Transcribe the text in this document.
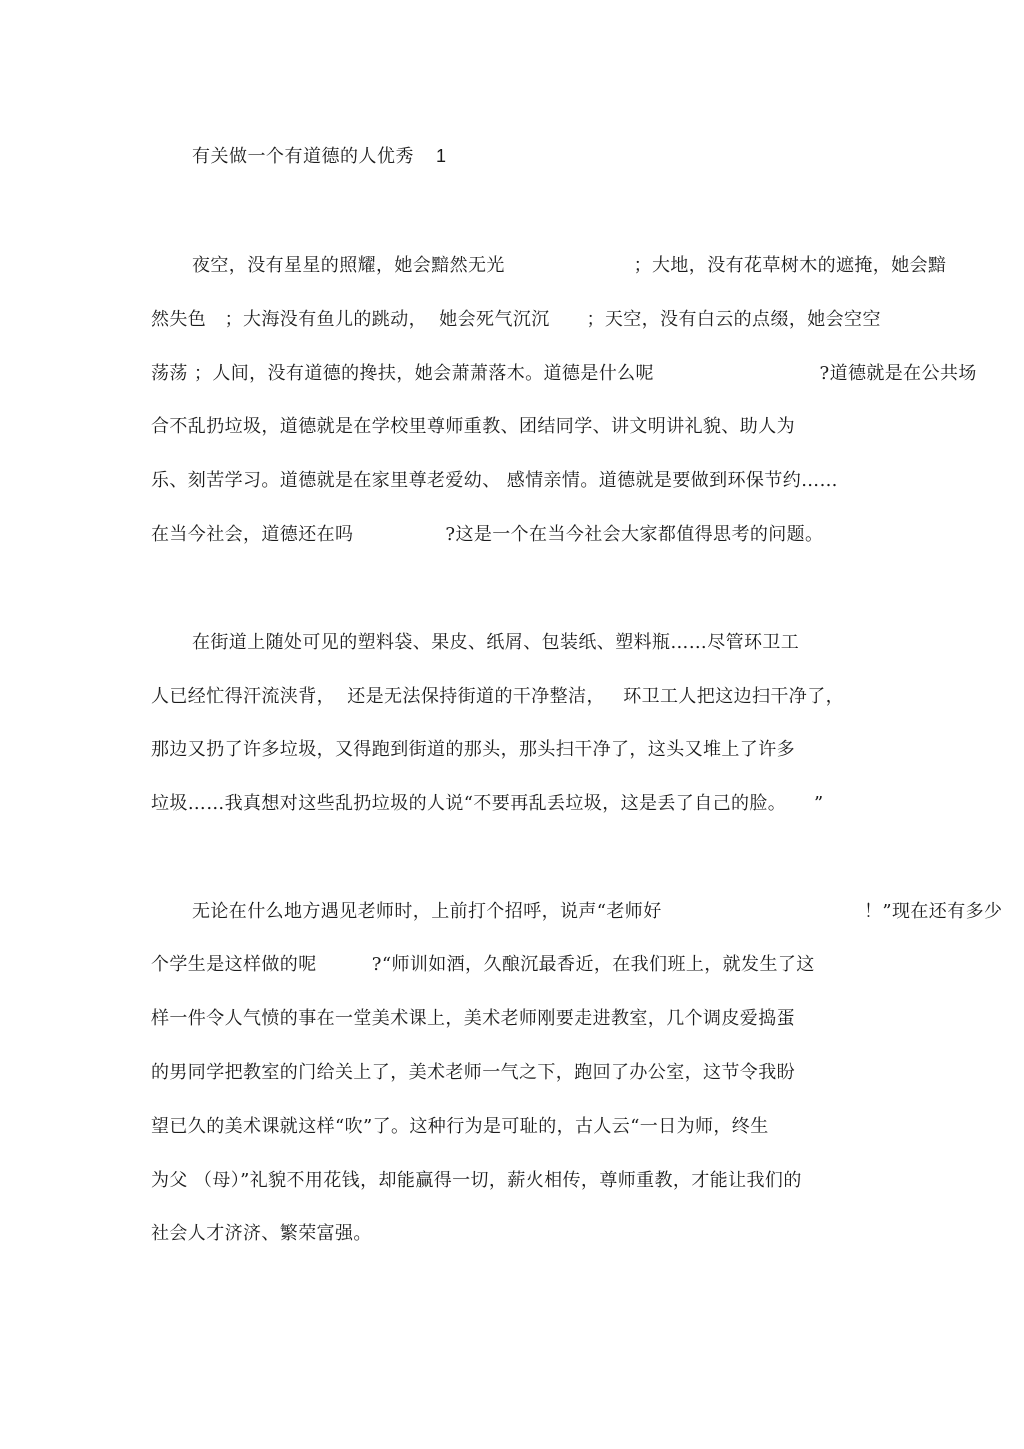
有关做一个有道德的人优秀 1
夜空，没有星星的照耀，她会黯然无光　　　　　　　；大地，没有花草树木的遮掩，她会黯
然失色　；大海没有鱼儿的跳动，  她会死气沉沉　　；天空，没有白云的点缀，她会空空
荡荡 ；人间，没有道德的搀扶，她会萧萧落木。道德是什么呢　　　　　　　　　?道德就是在公共场
合不乱扔垃圾，道德就是在学校里尊师重教、团结同学、讲文明讲礼貌、助人为
乐、刻苦学习。道德就是在家里尊老爱幼、 感情亲情。道德就是要做到环保节约……
在当今社会，道德还在吗　　　　　?这是一个在当今社会大家都值得思考的问题。
在街道上随处可见的塑料袋、果皮、纸屑、包装纸、塑料瓶……尽管环卫工
人已经忙得汗流浃背，  还是无法保持街道的干净整洁，   环卫工人把这边扫干净了，
那边又扔了许多垃圾，又得跑到街道的那头，那头扫干净了，这头又堆上了许多
垃圾……我真想对这些乱扔垃圾的人说“不要再乱丢垃圾，这是丢了自己的脸。　　”
无论在什么地方遇见老师时，上前打个招呼，说声“老师好　　　　　　　　　　　！”现在还有多少
个学生是这样做的呢　　　?“师训如酒，久酿沉最香近，在我们班上，就发生了这
样一件令人气愤的事在一堂美术课上，美术老师刚要走进教室，几个调皮爱捣蛋
的男同学把教室的门给关上了，美术老师一气之下，跑回了办公室，这节令我盼
望已久的美术课就这样“吹”了。这种行为是可耻的，古人云“一日为师，终生
为父 （母）”礼貌不用花钱，却能赢得一切，薪火相传，尊师重教，才能让我们的
社会人才济济、繁荣富强。
